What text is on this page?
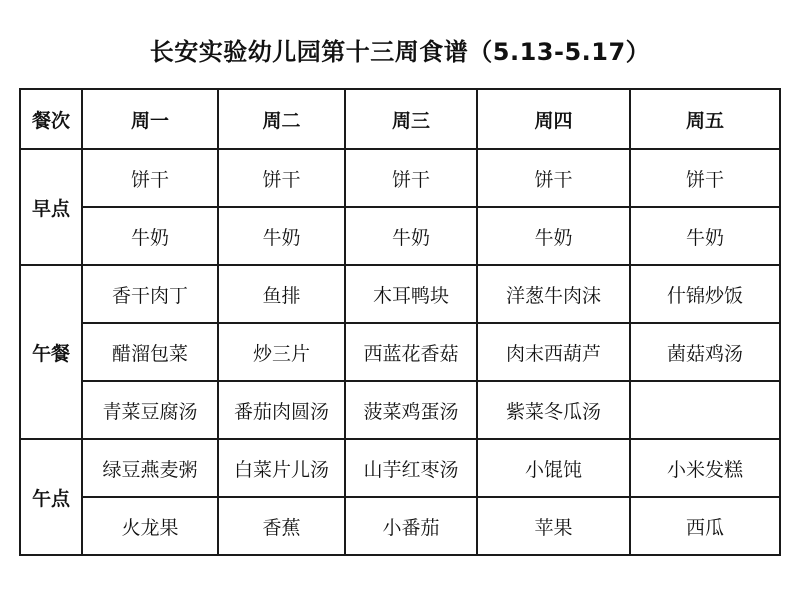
长安实验幼儿园第十三周食谱（5.13-5.17）
餐次	周一	周二	周三	周四	周五
早点	饼干	饼干	饼干	饼干	饼干
	牛奶	牛奶	牛奶	牛奶	牛奶
午餐	香干肉丁	鱼排	木耳鸭块	洋葱牛肉沫	什锦炒饭
	醋溜包菜	炒三片	西蓝花香菇	肉末西葫芦	菌菇鸡汤
	青菜豆腐汤	番茄肉圆汤	菠菜鸡蛋汤	紫菜冬瓜汤	
午点	绿豆燕麦粥	白菜片儿汤	山芋红枣汤	小馄饨	小米发糕
	火龙果	香蕉	小番茄	苹果	西瓜
